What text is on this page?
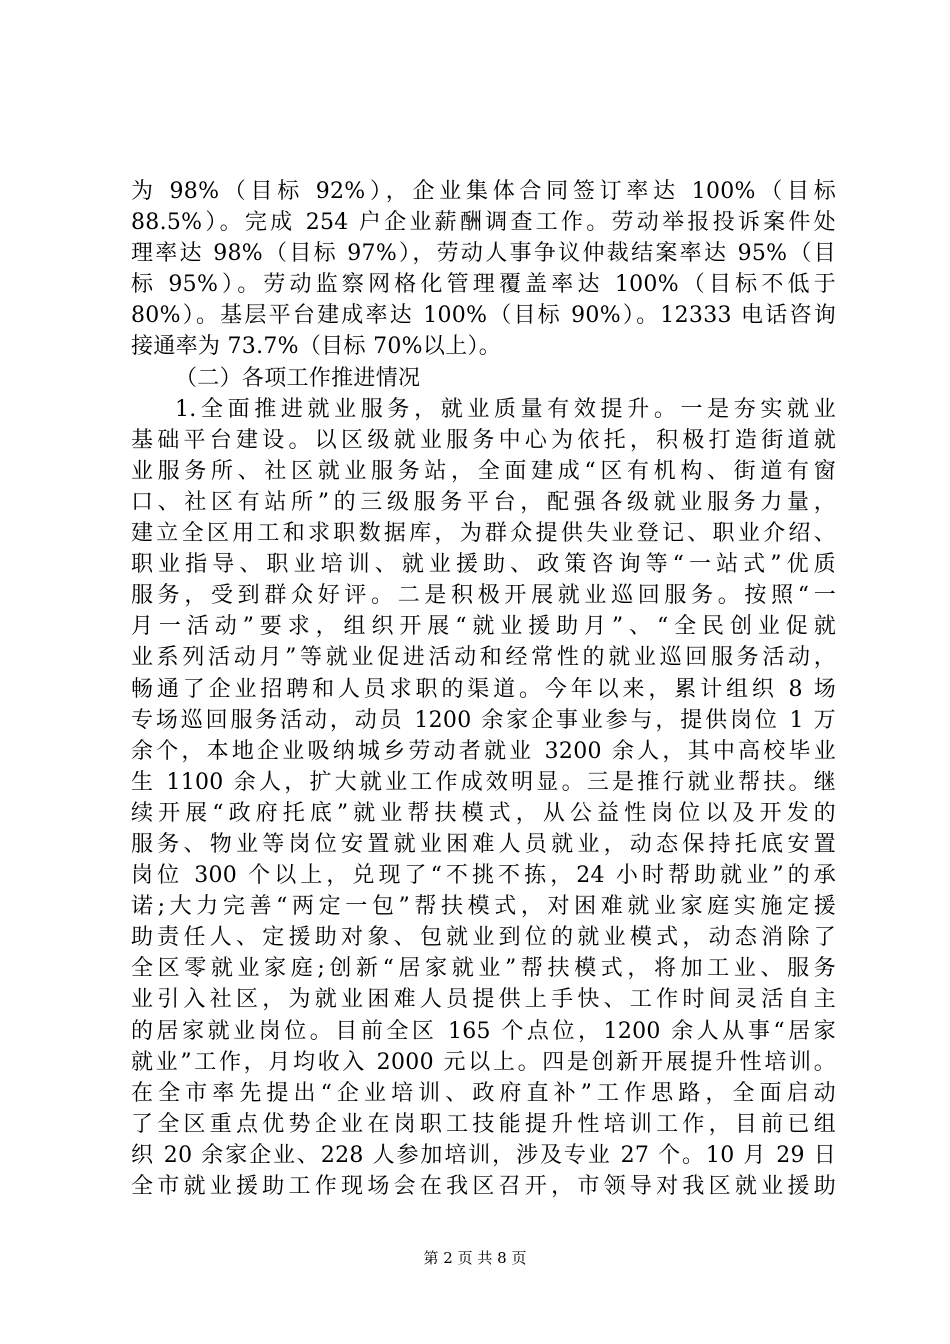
为 98%（目标 92%），企业集体合同签订率达 100%（目标
88.5%）。完成 254 户企业薪酬调查工作。劳动举报投诉案件处
理率达 98%（目标 97%），劳动人事争议仲裁结案率达 95%（目
标 95%）。劳动监察网格化管理覆盖率达 100%（目标不低于
80%）。基层平台建成率达 100%（目标 90%）。12333 电话咨询
接通率为 73.7%（目标 70%以上）。
（二）各项工作推进情况
1.全面推进就业服务，就业质量有效提升。一是夯实就业
基础平台建设。以区级就业服务中心为依托，积极打造街道就
业服务所、社区就业服务站，全面建成“区有机构、街道有窗
口、社区有站所”的三级服务平台，配强各级就业服务力量，
建立全区用工和求职数据库，为群众提供失业登记、职业介绍、
职业指导、职业培训、就业援助、政策咨询等“一站式”优质
服务，受到群众好评。二是积极开展就业巡回服务。按照“一
月一活动”要求，组织开展“就业援助月”、“全民创业促就
业系列活动月”等就业促进活动和经常性的就业巡回服务活动，
畅通了企业招聘和人员求职的渠道。今年以来，累计组织 8 场
专场巡回服务活动，动员 1200 余家企事业参与，提供岗位 1 万
余个，本地企业吸纳城乡劳动者就业 3200 余人，其中高校毕业
生 1100 余人，扩大就业工作成效明显。三是推行就业帮扶。继
续开展“政府托底”就业帮扶模式，从公益性岗位以及开发的
服务、物业等岗位安置就业困难人员就业，动态保持托底安置
岗位 300 个以上，兑现了“不挑不拣，24 小时帮助就业”的承
诺;大力完善“两定一包”帮扶模式，对困难就业家庭实施定援
助责任人、定援助对象、包就业到位的就业模式，动态消除了
全区零就业家庭;创新“居家就业”帮扶模式，将加工业、服务
业引入社区，为就业困难人员提供上手快、工作时间灵活自主
的居家就业岗位。目前全区 165 个点位，1200 余人从事“居家
就业”工作，月均收入 2000 元以上。四是创新开展提升性培训。
在全市率先提出“企业培训、政府直补”工作思路，全面启动
了全区重点优势企业在岗职工技能提升性培训工作，目前已组
织 20 余家企业、228 人参加培训，涉及专业 27 个。10 月 29 日
全市就业援助工作现场会在我区召开，市领导对我区就业援助
第 2 页 共 8 页
